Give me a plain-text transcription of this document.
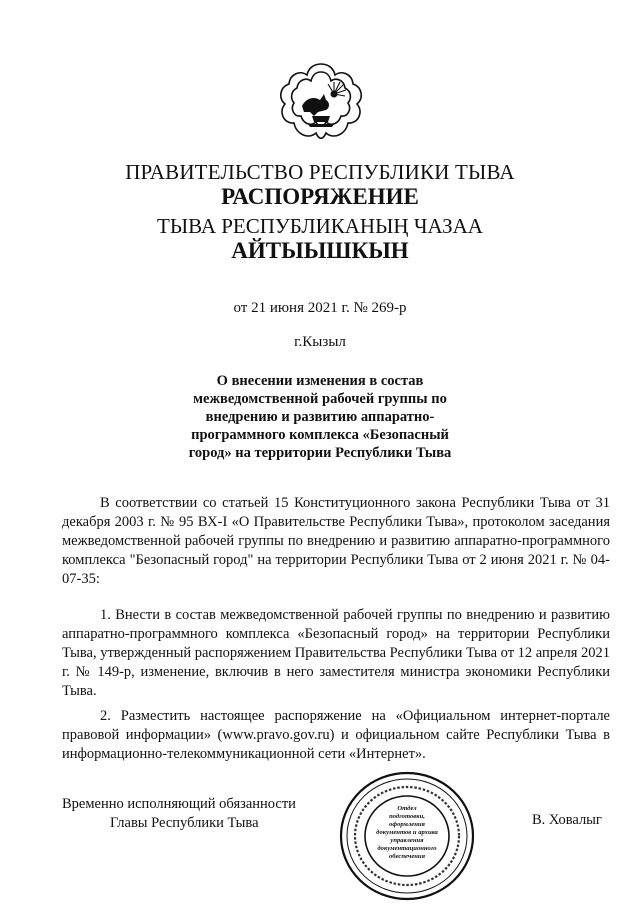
ПРАВИТЕЛЬСТВО РЕСПУБЛИКИ ТЫВА
РАСПОРЯЖЕНИЕ
ТЫВА РЕСПУБЛИКАНЫҢ ЧАЗАА
АЙТЫЫШКЫН
от 21 июня 2021 г. № 269-р
г.Кызыл
О внесении изменения в состав межведомственной рабочей группы по внедрению и развитию аппаратно-программного комплекса «Безопасный город» на территории Республики Тыва

В соответствии со статьей 15 Конституционного закона Республики Тыва от 31 декабря 2003 г. № 95 ВХ-I «О Правительстве Республики Тыва», протоколом заседания межведомственной рабочей группы по внедрению и развитию аппаратно-программного комплекса "Безопасный город" на территории Республики Тыва от 2 июня 2021 г. № 04-07-35:

1. Внести в состав межведомственной рабочей группы по внедрению и развитию аппаратно-программного комплекса «Безопасный город» на территории Республики Тыва, утвержденный распоряжением Правительства Республики Тыва от 12 апреля 2021 г. № 149-р, изменение, включив в него заместителя министра экономики Республики Тыва.

2. Разместить настоящее распоряжение на «Официальном интернет-портале правовой информации» (www.pravo.gov.ru) и официальном сайте Республики Тыва в информационно-телекоммуникационной сети «Интернет».

Временно исполняющий обязанности
Главы Республики Тыва	В. Ховалыг
Отдел
подготовки,
оформления
документов и архива
управления
документационного
обеспечения
